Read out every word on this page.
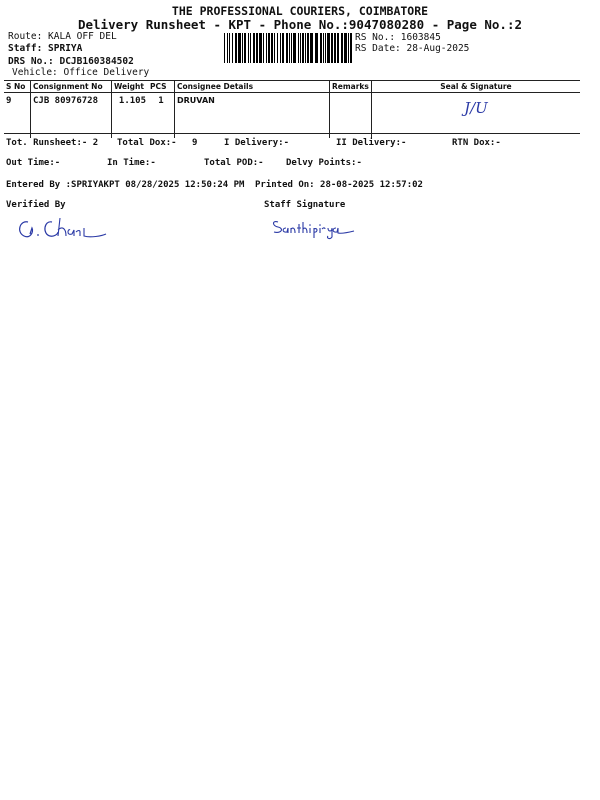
THE PROFESSIONAL COURIERS, COIMBATORE
Delivery Runsheet - KPT - Phone No.:9047080280 - Page No.:2
Route: KALA OFF DEL
Staff: SPRIYA
DRS No.: DCJB160384502
Vehicle: Office Delivery
RS No.: 1603845
RS Date: 28-Aug-2025
S No	Consignment No	Weight	PCS	Consignee Details	Remarks	Seal & Signature
9	CJB 80976728	1.105	1	DRUVAN		J/U
Tot. Runsheet:- 2 Total Dox:- 9	I Delivery:-	II Delivery:-	RTN Dox:-
Out Time:-	In Time:-	Total POD:- Delvy Points:-
Entered By :SPRIYAKPT 08/28/2025 12:50:24 PM Printed On: 28-08-2025 12:57:02
Verified By	Staff Signature
